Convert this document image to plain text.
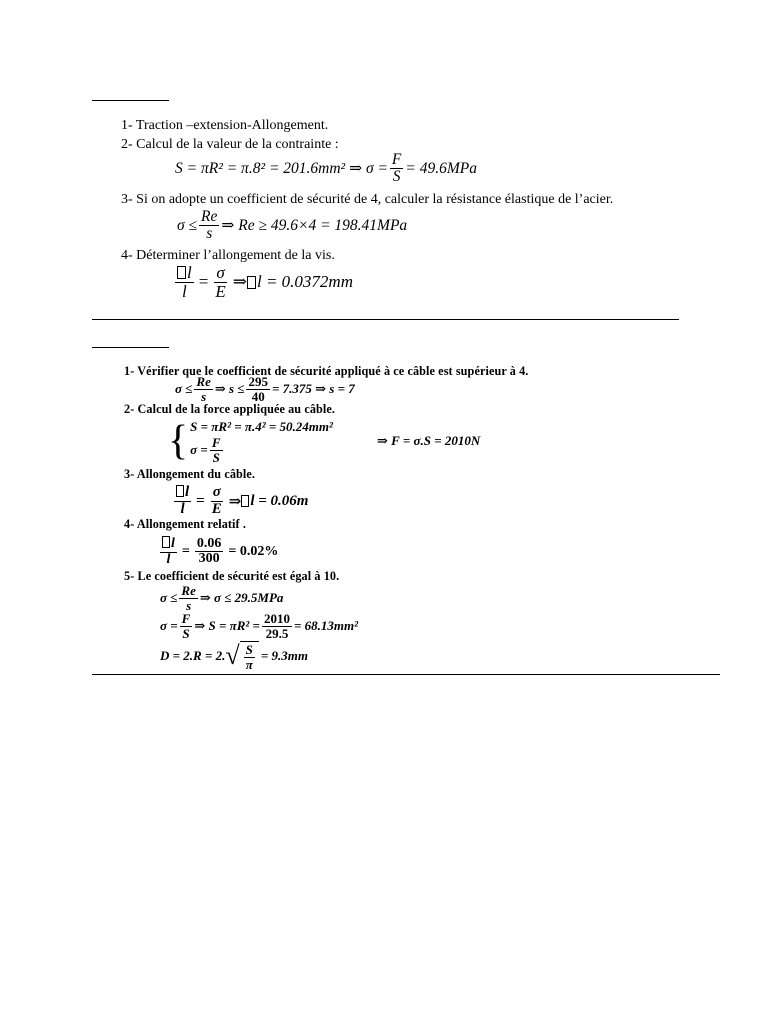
1- Traction –extension-Allongement.
2- Calcul de la valeur de la contrainte :
S = πR² = π.8² = 201.6mm² ⇒ $\sigma = \frac{F}{S} = 49.6MPa$
3- Si on adopte un coefficient de sécurité de 4, calculer la résistance élastique de l’acier.
$\sigma \le \frac{Re}{s}$ ⇒ Re ≥ 49.6×4 = 198.41MPa
4- Déterminer l’allongement de la vis.
$\frac{l}{l} = \frac{\sigma}{E}$ ⇒ l = 0.0372mm
1- Vérifier que le coefficient de sécurité appliqué à ce câble est supérieur à 4.
$\sigma \le \frac{Re}{s}$ ⇒ $s \le \frac{295}{40} = 7.375$ ⇒ s = 7
2- Calcul de la force appliquée au câble.
{ S = πR² = π.4² = 50.24mm²
$\sigma = \frac{F}{S}$	⇒ F = σ.S = 2010N
3- Allongement du câble.
$\frac{l}{l} = \frac{\sigma}{E}$ ⇒ l = 0.06m
4- Allongement relatif .
$\frac{l}{l} = \frac{0.06}{300} = 0.02\%$
5- Le coefficient de sécurité est égal à 10.
$\sigma \le \frac{Re}{s}$ ⇒ σ ≤ 29.5MPa
$\sigma = \frac{F}{S}$ ⇒ $S = \pi R^2 = \frac{2010}{29.5} = 68.13mm^2$
D = 2.R = 2. √ $\frac{S}{\pi} = 9.3mm$
